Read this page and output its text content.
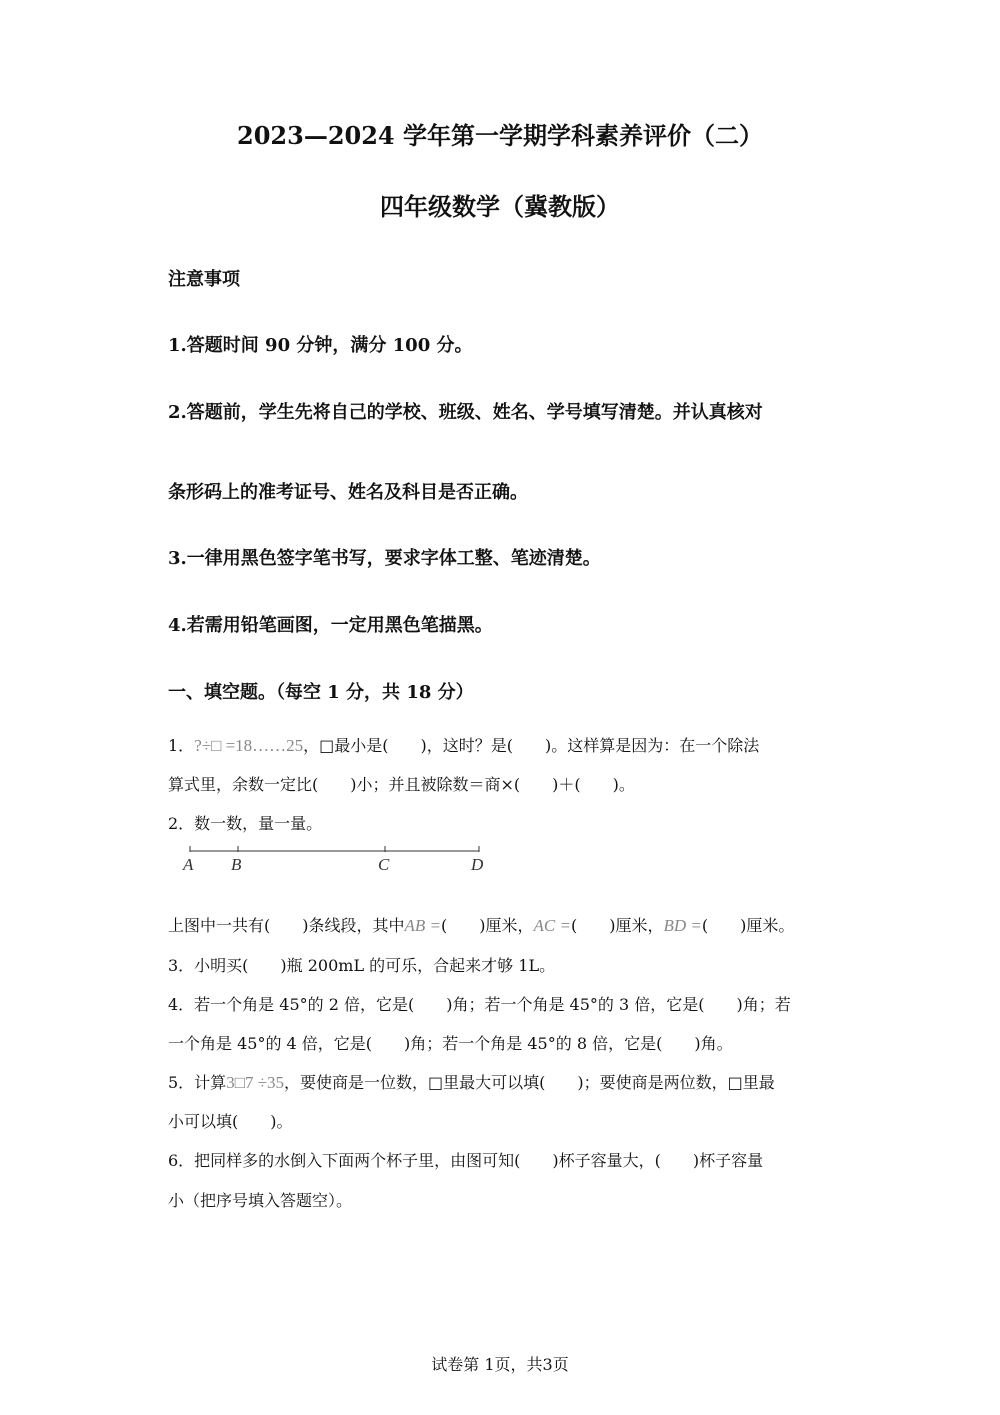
2023—2024 学年第一学期学科素养评价（二）
四年级数学（冀教版）
注意事项
1.答题时间 90 分钟，满分 100 分。
2.答题前，学生先将自己的学校、班级、姓名、学号填写清楚。并认真核对
条形码上的准考证号、姓名及科目是否正确。
3.一律用黑色签字笔书写，要求字体工整、笔迹清楚。
4.若需用铅笔画图，一定用黑色笔描黑。
一、填空题。（每空 1 分，共 18 分）
1．?÷□ =18……25，□最小是(　　)，这时？是(　　)。这样算是因为：在一个除法
算式里，余数一定比(　　)小；并且被除数＝商×(　　)＋(　　)。
2．数一数，量一量。
A B	C	D
上图中一共有(　　)条线段，其中AB =(　　)厘米，AC =(　　)厘米，BD =(　　)厘米。
3．小明买(　　)瓶 200mL 的可乐，合起来才够 1L。
4．若一个角是 45°的 2 倍，它是(　　)角；若一个角是 45°的 3 倍，它是(　　)角；若
一个角是 45°的 4 倍，它是(　　)角；若一个角是 45°的 8 倍，它是(　　)角。
5．计算3□7 ÷35，要使商是一位数，□里最大可以填(　　)；要使商是两位数，□里最
小可以填(　　)。
6．把同样多的水倒入下面两个杯子里，由图可知(　　)杯子容量大，(　　)杯子容量
小（把序号填入答题空）。
试卷第 1页，共3页
